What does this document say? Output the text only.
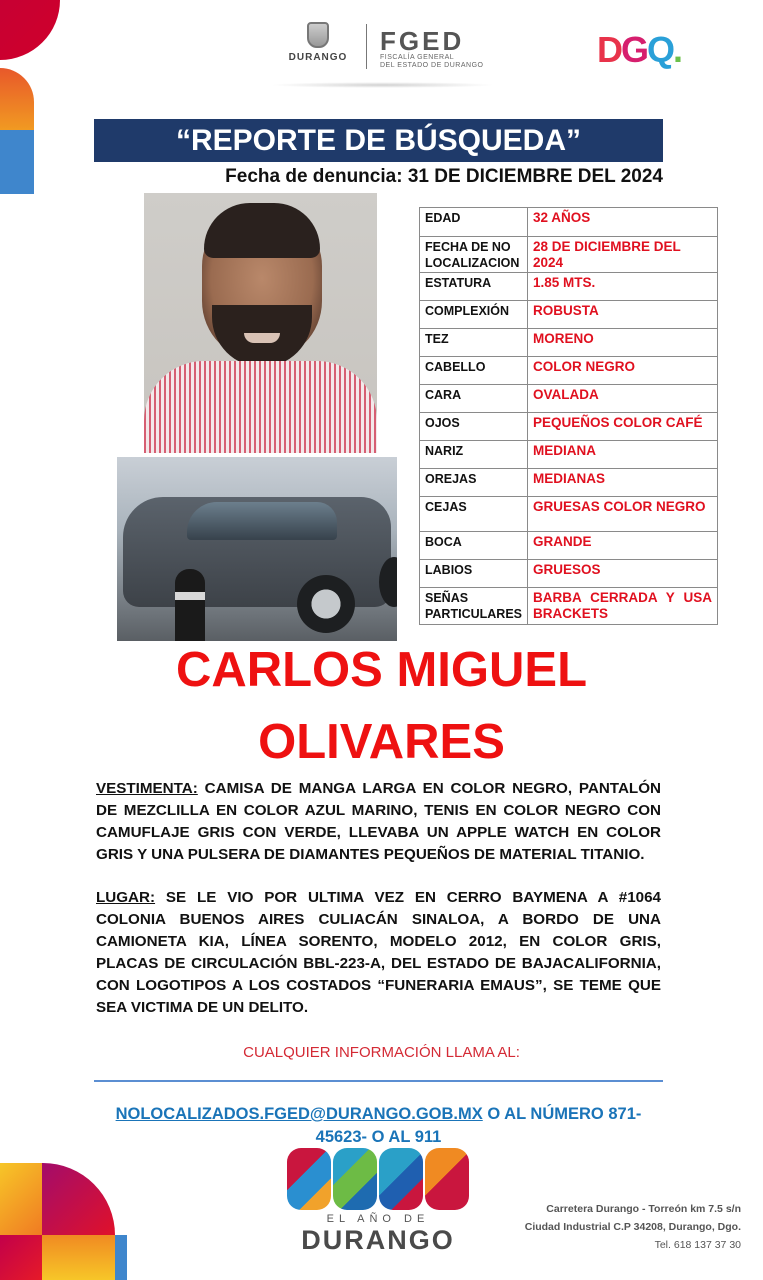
DURANGO
FGED
FISCALÍA GENERAL
DEL ESTADO DE DURANGO	DGQ.
“REPORTE DE BÚSQUEDA”
Fecha de denuncia: 31 DE DICIEMBRE DEL 2024
EDAD	32 AÑOS
FECHA DE NO LOCALIZACION	28 DE DICIEMBRE DEL 2024
ESTATURA	1.85 MTS.
COMPLEXIÓN	ROBUSTA
TEZ	MORENO
CABELLO	COLOR NEGRO
CARA	OVALADA
OJOS	PEQUEÑOS COLOR CAFÉ
NARIZ	MEDIANA
OREJAS	MEDIANAS
CEJAS	GRUESAS COLOR NEGRO
BOCA	GRANDE
LABIOS	GRUESOS
SEÑAS PARTICULARES	BARBA CERRADA Y USA BRACKETS
CARLOS MIGUEL
OLIVARES

VESTIMENTA: CAMISA DE MANGA LARGA EN COLOR NEGRO, PANTALÓN DE MEZCLILLA EN COLOR AZUL MARINO, TENIS EN COLOR NEGRO CON CAMUFLAJE GRIS CON VERDE, LLEVABA UN APPLE WATCH EN COLOR GRIS Y UNA PULSERA DE DIAMANTES PEQUEÑOS DE MATERIAL TITANIO.

LUGAR: SE LE VIO POR ULTIMA VEZ EN CERRO BAYMENA A #1064 COLONIA BUENOS AIRES CULIACÁN SINALOA, A BORDO DE UNA CAMIONETA KIA, LÍNEA SORENTO, MODELO 2012, EN COLOR GRIS, PLACAS DE CIRCULACIÓN BBL-223-A, DEL ESTADO DE BAJACALIFORNIA, CON LOGOTIPOS A LOS COSTADOS “FUNERARIA EMAUS”, SE TEME QUE SEA VICTIMA DE UN DELITO.

CUALQUIER INFORMACIÓN LLAMA AL:
NOLOCALIZADOS.FGED@DURANGO.GOB.MX O AL NÚMERO 871-45623- O AL 911
EL AÑO DE
DURANGO
Carretera Durango - Torreón km 7.5 s/n
Ciudad Industrial C.P 34208, Durango, Dgo.
Tel. 618 137 37 30
